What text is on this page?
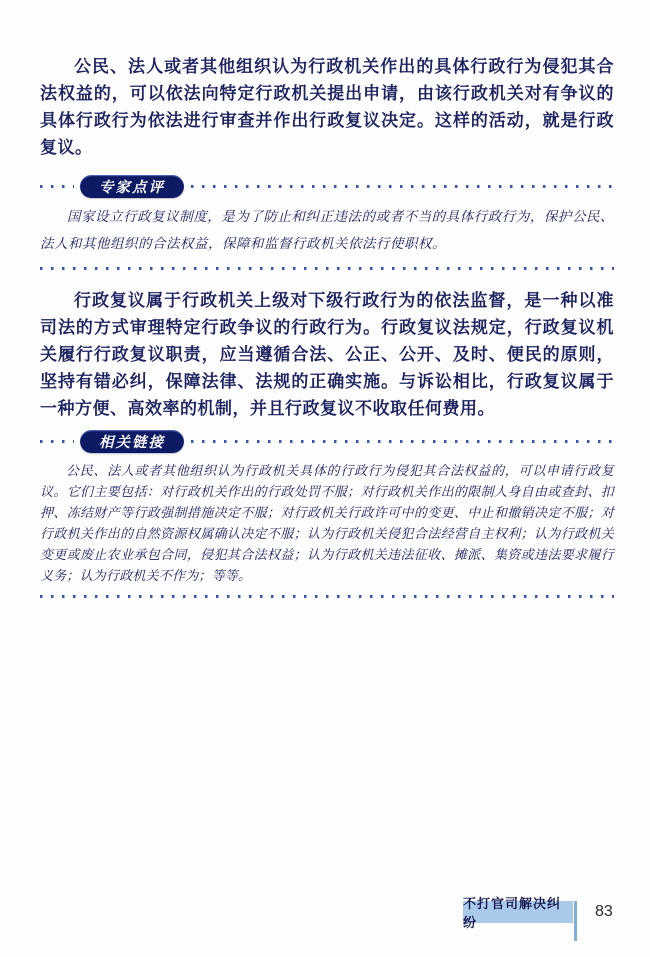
公民、法人或者其他组织认为行政机关作出的具体行政行为侵犯其合法权益的，可以依法向特定行政机关提出申请，由该行政机关对有争议的具体行政行为依法进行审查并作出行政复议决定。这样的活动，就是行政复议。

专家点评

国家设立行政复议制度，是为了防止和纠正违法的或者不当的具体行政行为，保护公民、法人和其他组织的合法权益，保障和监督行政机关依法行使职权。

行政复议属于行政机关上级对下级行政行为的依法监督，是一种以准司法的方式审理特定行政争议的行政行为。行政复议法规定，行政复议机关履行行政复议职责，应当遵循合法、公正、公开、及时、便民的原则，坚持有错必纠，保障法律、法规的正确实施。与诉讼相比，行政复议属于一种方便、高效率的机制，并且行政复议不收取任何费用。

相关链接

公民、法人或者其他组织认为行政机关具体的行政行为侵犯其合法权益的，可以申请行政复议。它们主要包括：对行政机关作出的行政处罚不服；对行政机关作出的限制人身自由或查封、扣押、冻结财产等行政强制措施决定不服；对行政机关行政许可中的变更、中止和撤销决定不服；对行政机关作出的自然资源权属确认决定不服；认为行政机关侵犯合法经营自主权利；认为行政机关变更或废止农业承包合同，侵犯其合法权益；认为行政机关违法征收、摊派、集资或违法要求履行义务；认为行政机关不作为；等等。

不打官司解决纠纷
83
